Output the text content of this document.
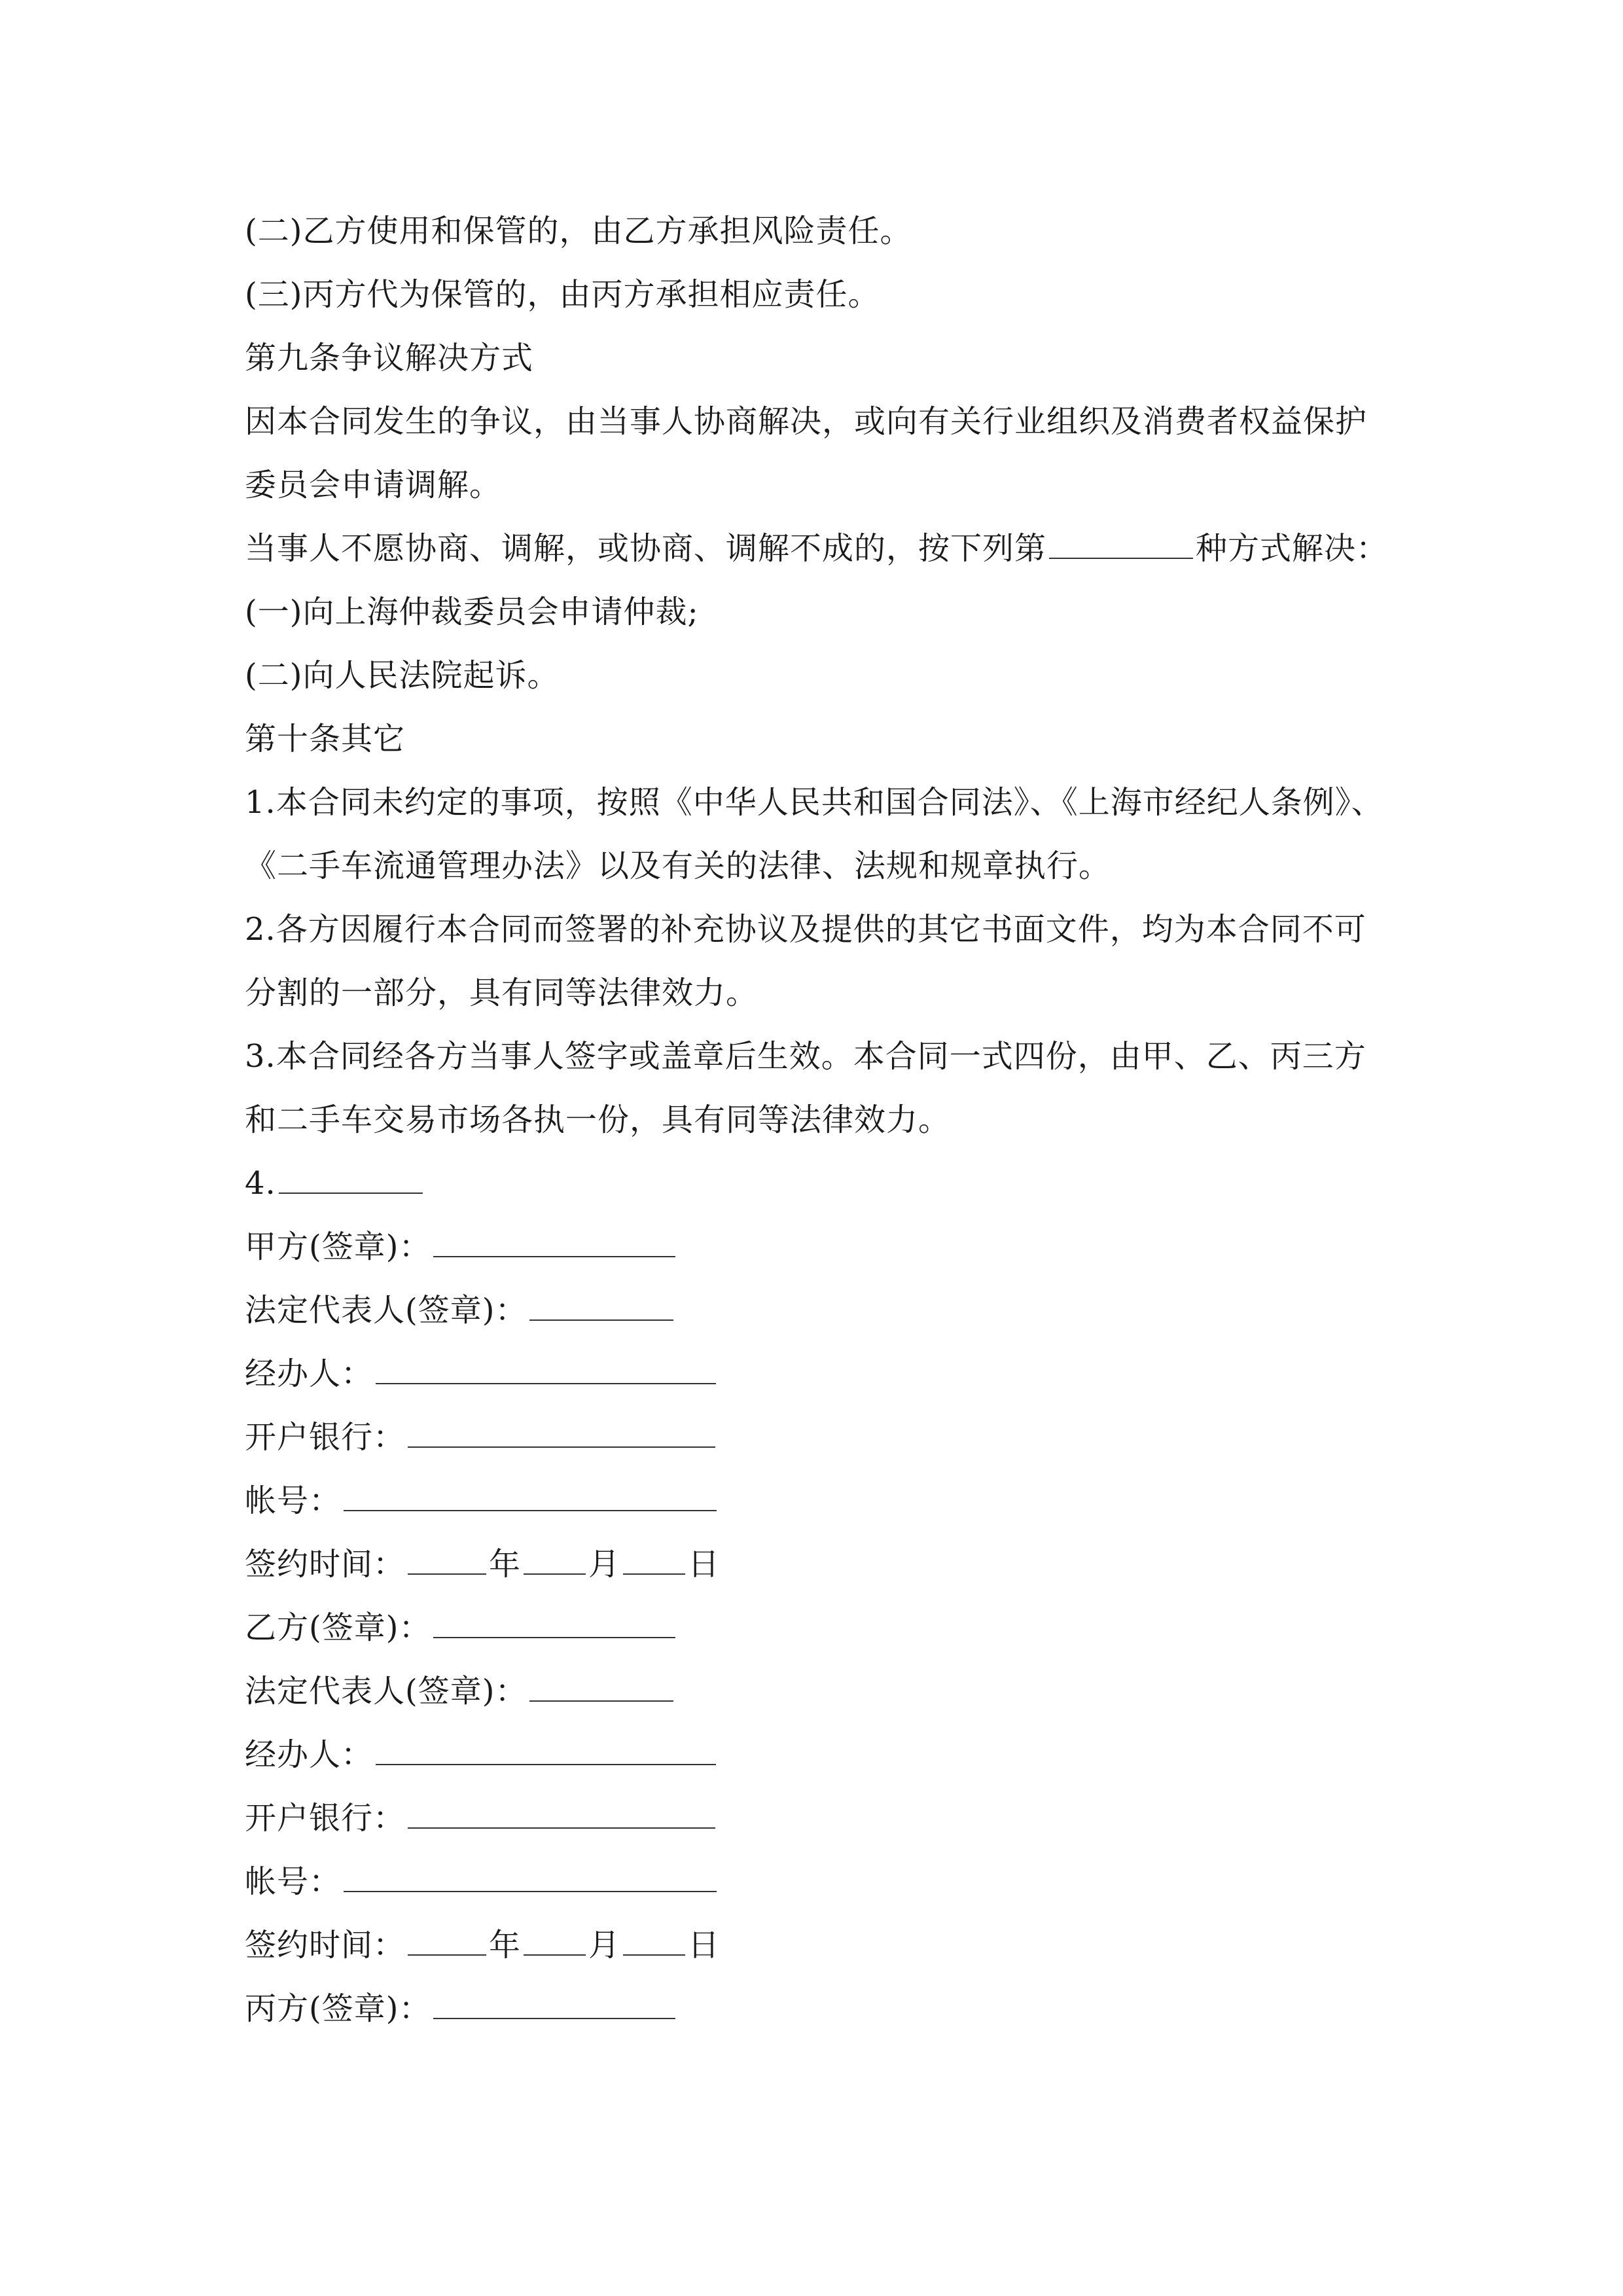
(二)乙方使用和保管的，由乙方承担风险责任。
(三)丙方代为保管的，由丙方承担相应责任。
第九条争议解决方式
因本合同发生的争议，由当事人协商解决，或向有关行业组织及消费者权益保护
委员会申请调解。
当事人不愿协商、调解，或协商、调解不成的，按下列第	种方式解决：
(一)向上海仲裁委员会申请仲裁;
(二)向人民法院起诉。
第十条其它
1.本合同未约定的事项，按照《中华人民共和国合同法》、《上海市经纪人条例》、
《二手车流通管理办法》以及有关的法律、法规和规章执行。
2.各方因履行本合同而签署的补充协议及提供的其它书面文件，均为本合同不可
分割的一部分，具有同等法律效力。
3.本合同经各方当事人签字或盖章后生效。本合同一式四份，由甲、乙、丙三方
和二手车交易市场各执一份，具有同等法律效力。
4.
甲方(签章)：
法定代表人(签章)：
经办人：
开户银行：
帐号：
签约时间：	年 月 日
乙方(签章)：
法定代表人(签章)：
经办人：
开户银行：
帐号：
签约时间：	年 月 日
丙方(签章)：
